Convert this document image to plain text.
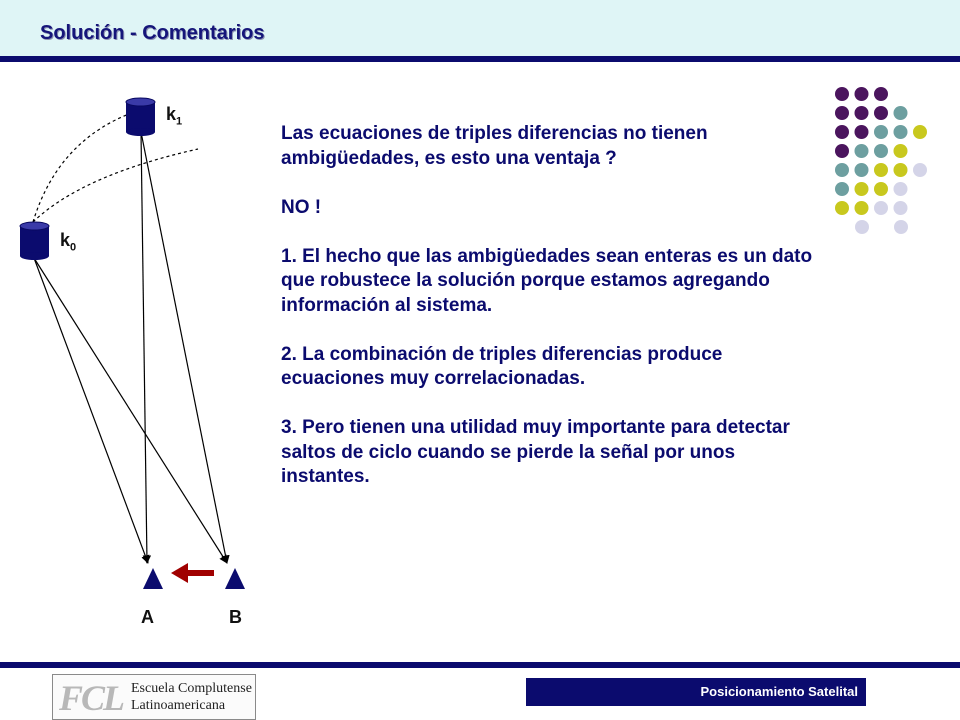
Solución - Comentarios
$k_1$
$k_0$
A	B

Las ecuaciones de triples diferencias no tienen ambigüedades, es esto una ventaja ?

NO !

1. El hecho que las ambigüedades sean enteras es un dato que robustece la solución porque estamos agregando información al sistema.

2. La combinación de triples diferencias produce ecuaciones muy correlacionadas.

3. Pero tienen una utilidad muy importante para detectar saltos de ciclo cuando se pierde la señal por unos instantes.

FCL Escuela Complutense
Latinoamericana
Posicionamiento Satelital
